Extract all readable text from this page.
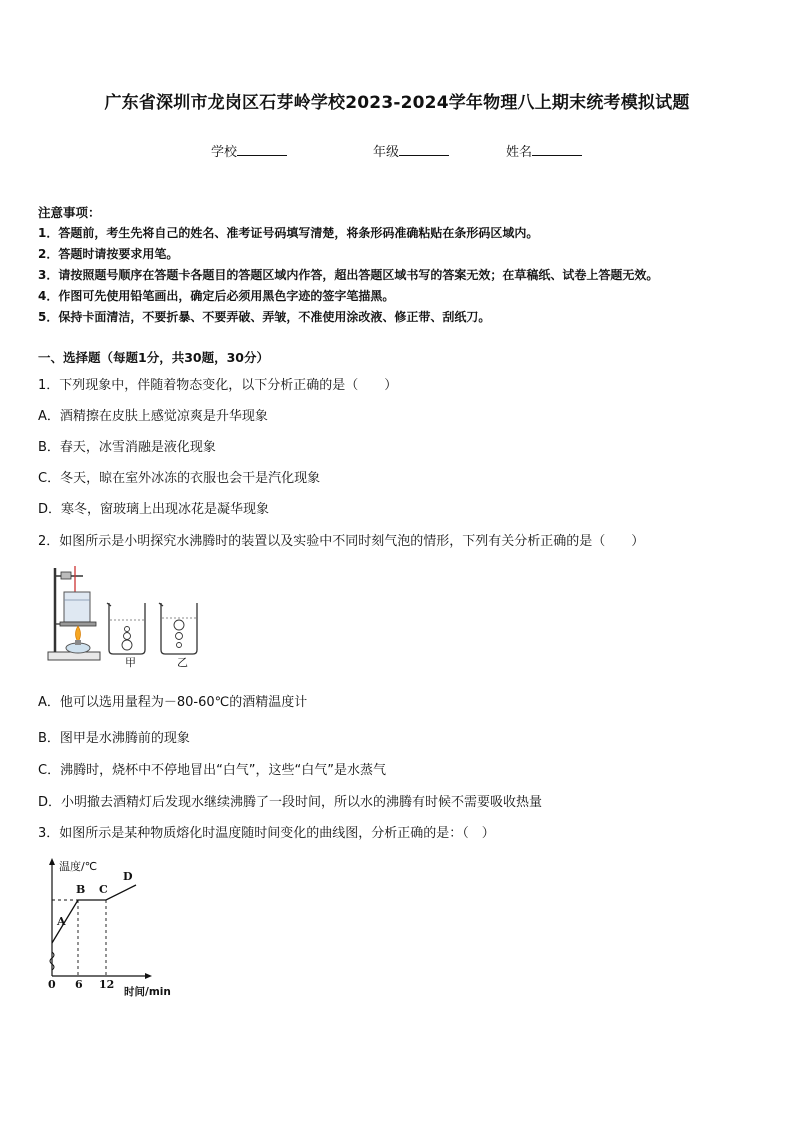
广东省深圳市龙岗区石芽岭学校2023-2024学年物理八上期末统考模拟试题
学校	年级	姓名
注意事项：
1．答题前，考生先将自己的姓名、准考证号码填写清楚，将条形码准确粘贴在条形码区域内。
2．答题时请按要求用笔。
3．请按照题号顺序在答题卡各题目的答题区域内作答，超出答题区域书写的答案无效；在草稿纸、试卷上答题无效。
4．作图可先使用铅笔画出，确定后必须用黑色字迹的签字笔描黑。
5．保持卡面清洁，不要折暴、不要弄破、弄皱，不准使用涂改液、修正带、刮纸刀。
一、选择题（每题1分，共30题，30分）
1．下列现象中，伴随着物态变化，以下分析正确的是（　　）
A．酒精擦在皮肤上感觉凉爽是升华现象
B．春天，冰雪消融是液化现象
C．冬天，晾在室外冰冻的衣服也会干是汽化现象
D．寒冬，窗玻璃上出现冰花是凝华现象
2．如图所示是小明探究水沸腾时的装置以及实验中不同时刻气泡的情形，下列有关分析正确的是（　　）
甲	乙
A．他可以选用量程为－80-60℃的酒精温度计
B．图甲是水沸腾前的现象
C．沸腾时，烧杯中不停地冒出“白气”，这些“白气”是水蒸气
D．小明撤去酒精灯后发现水继续沸腾了一段时间，所以水的沸腾有时候不需要吸收热量
3．如图所示是某种物质熔化时温度随时间变化的曲线图，分析正确的是：（　）
温度/℃
时间/min
0 6 12
A
B C
D
